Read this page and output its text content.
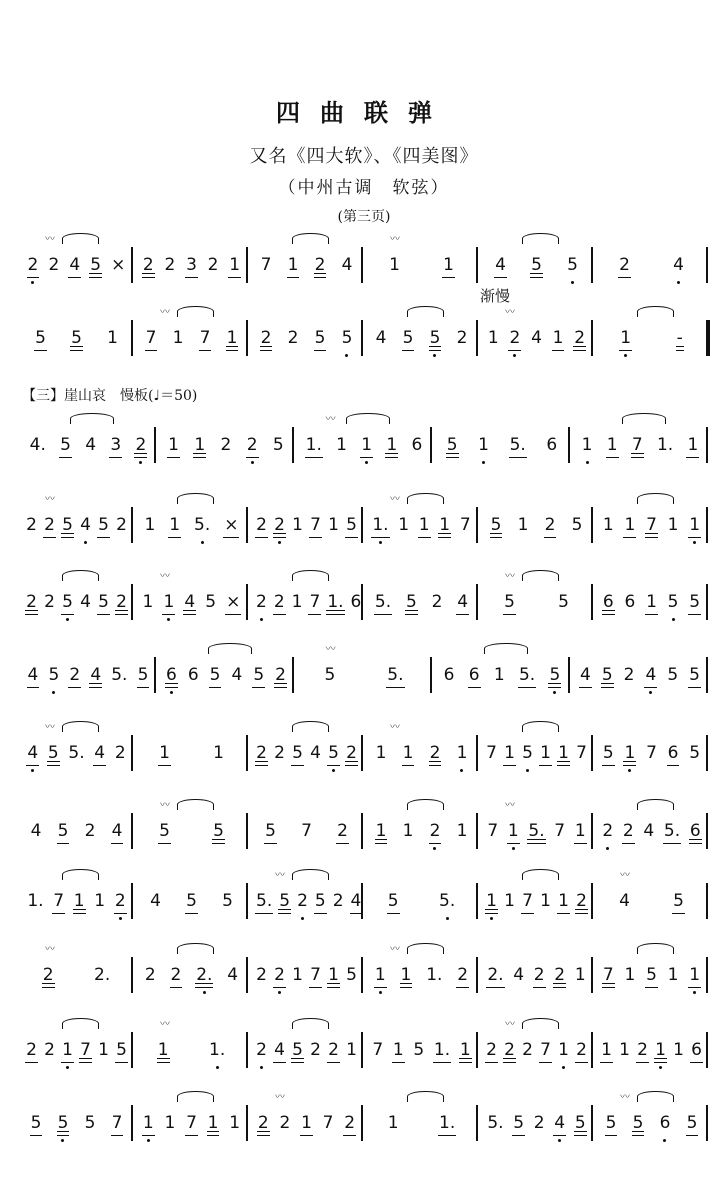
四曲联弹
又名《四大软》、《四美图》
（中州古调　软弦）
(第三页)
渐慢
【三】崖山哀　慢板(♩＝50)
2 2 4 5 ×
〰
2 2 3 2 1 7 1 2 4 1	1
〰
4 5 5 2	4
5 5 1 7 1 7 1
〰
2 2 5 5 4 5 5 2 1 2 4 1 2
〰
1	-
4. 5 4 3 2 1 1 2 2 5 1. 1 1 1 6
〰
5 1 5. 6 1 1 7 1. 1
2 2 5 4 5 2
〰
1 1 5. × 2 2 1 7 1 5 1. 1 1 1 7
〰
5 1 2 5 1 1 7 1 1
2 2 5 4 5 2 1 1 4 5 ×
〰
2 2 1 7 1. 6 5. 5 2 4 5	5
〰
6 6 1 5 5
4 5 2 4 5. 5 6 6 5 4 5 2 5	5.
〰
6 6 1 5. 5 4 5 2 4 5 5
4 5 5. 4 2
〰
1	1 2 2 5 4 5 2 1 1 2 1
〰
7 1 5 1 1 7 5 1 7 6 5
4 5 2 4 5	5
〰
5 7 2 1 1 2 1 7 1 5. 7 1
〰
2 2 4 5. 6
1. 7 1 1 2 4 5 5 5. 5 2 5 2 4
〰
5 5. 1 1 7 1 1 2 4	5
〰
2 2.
〰
2 2 2. 4 2 2 1 7 1 5 1 1 1. 2
〰
2. 4 2 2 1 7 1 5 1 1
2 2 1 7 1 5 1 1.
〰
2 4 5 2 2 1 7 1 5 1. 1 2 2 2 7 1 2
〰
1 1 2 1 1 6
5 5 5 7 1 1 7 1 1 2 2 1 7 2
〰
1 1. 5. 5 2 4 5 5 5 6 5
〰
